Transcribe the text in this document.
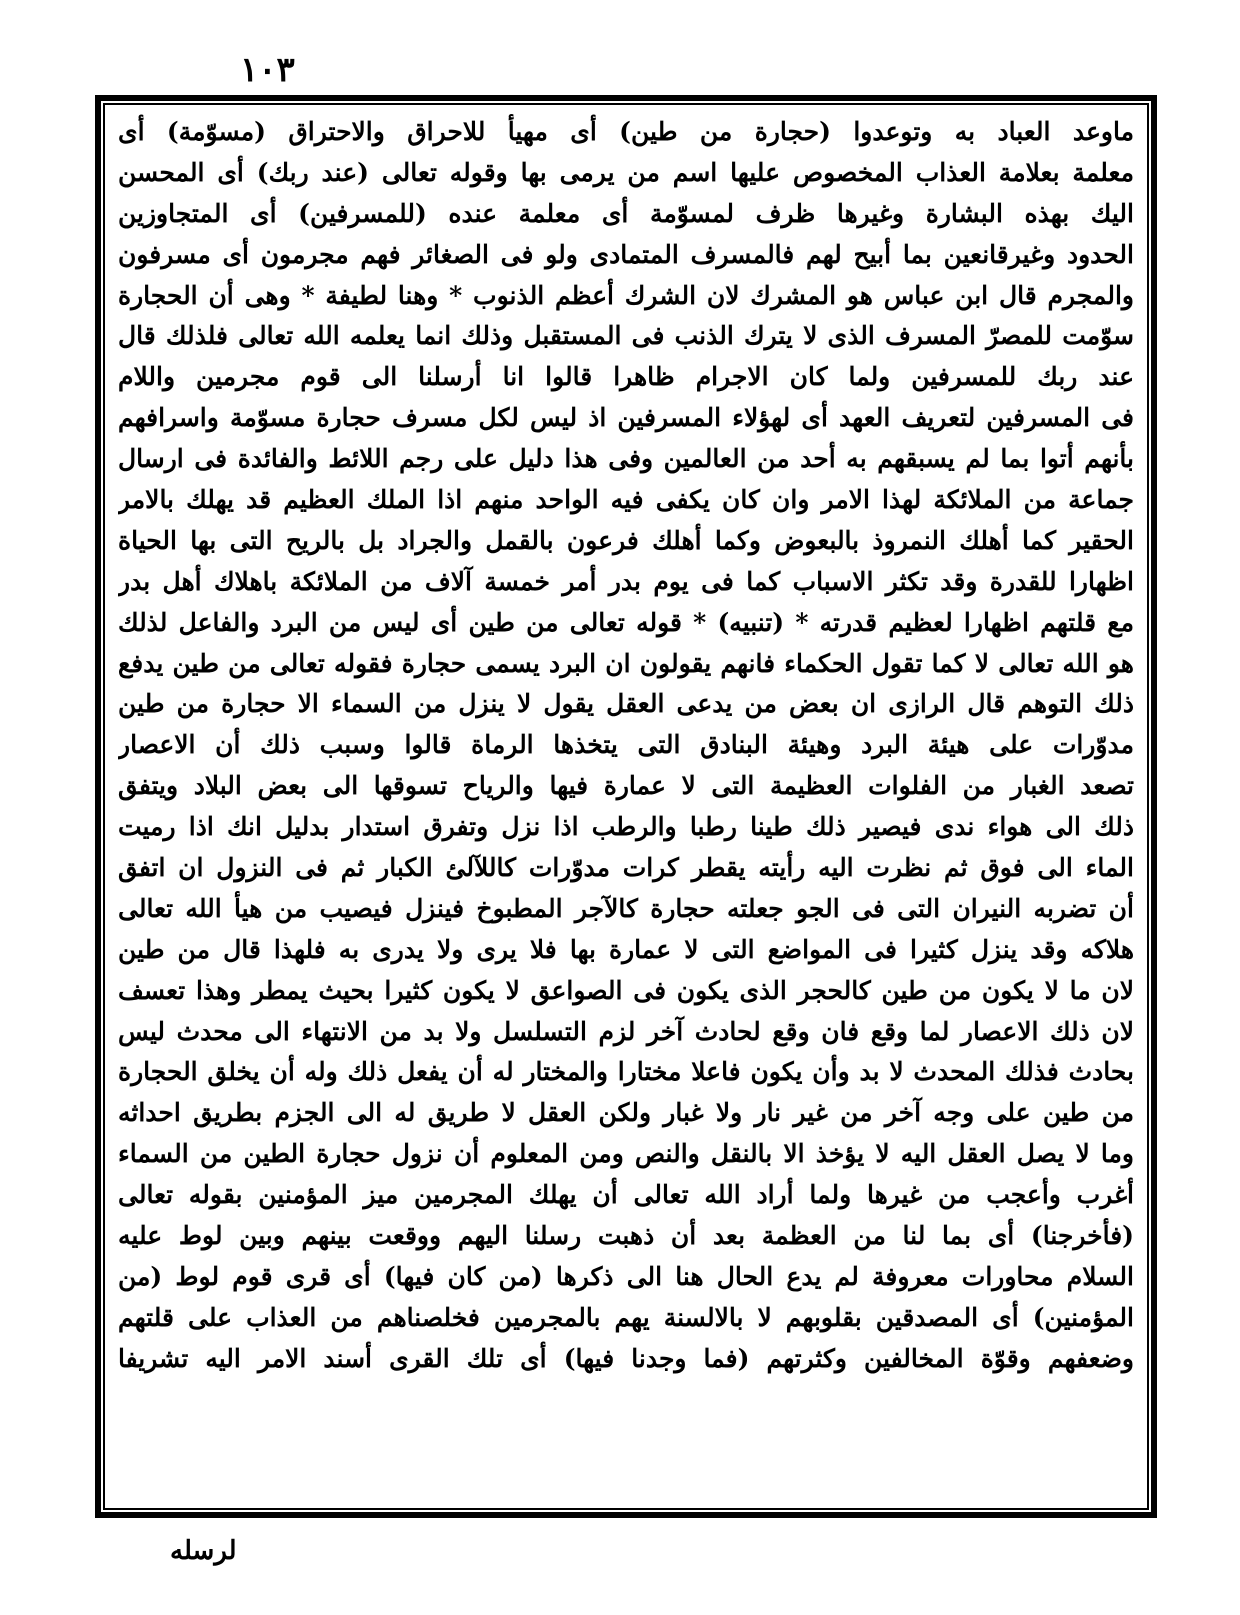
١٠٣
ماوعد العباد به وتوعدوا (حجارة من طين) أى مهيأ للاحراق والاحتراق (مسوّمة) أى
معلمة بعلامة العذاب المخصوص عليها اسم من يرمى بها وقوله تعالى (عند ربك) أى المحسن
اليك بهذه البشارة وغيرها ظرف لمسوّمة أى معلمة عنده (للمسرفين) أى المتجاوزين
الحدود وغيرقانعين بما أبيح لهم فالمسرف المتمادى ولو فى الصغائر فهم مجرمون أى مسرفون
والمجرم قال ابن عباس هو المشرك لان الشرك أعظم الذنوب * وهنا لطيفة * وهى أن الحجارة
سوّمت للمصرّ المسرف الذى لا يترك الذنب فى المستقبل وذلك انما يعلمه الله تعالى فلذلك قال
عند ربك للمسرفين ولما كان الاجرام ظاهرا قالوا انا أرسلنا الى قوم مجرمين واللام
فى المسرفين لتعريف العهد أى لهؤلاء المسرفين اذ ليس لكل مسرف حجارة مسوّمة واسرافهم
بأنهم أتوا بما لم يسبقهم به أحد من العالمين وفى هذا دليل على رجم اللائط والفائدة فى ارسال
جماعة من الملائكة لهذا الامر وان كان يكفى فيه الواحد منهم اذا الملك العظيم قد يهلك بالامر
الحقير كما أهلك النمروذ بالبعوض وكما أهلك فرعون بالقمل والجراد بل بالريح التى بها الحياة
اظهارا للقدرة وقد تكثر الاسباب كما فى يوم بدر أمر خمسة آلاف من الملائكة باهلاك أهل بدر
مع قلتهم اظهارا لعظيم قدرته * (تنبيه) * قوله تعالى من طين أى ليس من البرد والفاعل لذلك
هو الله تعالى لا كما تقول الحكماء فانهم يقولون ان البرد يسمى حجارة فقوله تعالى من طين يدفع
ذلك التوهم قال الرازى ان بعض من يدعى العقل يقول لا ينزل من السماء الا حجارة من طين
مدوّرات على هيئة البرد وهيئة البنادق التى يتخذها الرماة قالوا وسبب ذلك أن الاعصار
تصعد الغبار من الفلوات العظيمة التى لا عمارة فيها والرياح تسوقها الى بعض البلاد ويتفق
ذلك الى هواء ندى فيصير ذلك طينا رطبا والرطب اذا نزل وتفرق استدار بدليل انك اذا رميت
الماء الى فوق ثم نظرت اليه رأيته يقطر كرات مدوّرات كاللآلئ الكبار ثم فى النزول ان اتفق
أن تضربه النيران التى فى الجو جعلته حجارة كالآجر المطبوخ فينزل فيصيب من هيأ الله تعالى
هلاكه وقد ينزل كثيرا فى المواضع التى لا عمارة بها فلا يرى ولا يدرى به فلهذا قال من طين
لان ما لا يكون من طين كالحجر الذى يكون فى الصواعق لا يكون كثيرا بحيث يمطر وهذا تعسف
لان ذلك الاعصار لما وقع فان وقع لحادث آخر لزم التسلسل ولا بد من الانتهاء الى محدث ليس
بحادث فذلك المحدث لا بد وأن يكون فاعلا مختارا والمختار له أن يفعل ذلك وله أن يخلق الحجارة
من طين على وجه آخر من غير نار ولا غبار ولكن العقل لا طريق له الى الجزم بطريق احداثه
وما لا يصل العقل اليه لا يؤخذ الا بالنقل والنص ومن المعلوم أن نزول حجارة الطين من السماء
أغرب وأعجب من غيرها ولما أراد الله تعالى أن يهلك المجرمين ميز المؤمنين بقوله تعالى
(فأخرجنا) أى بما لنا من العظمة بعد أن ذهبت رسلنا اليهم ووقعت بينهم وبين لوط عليه
السلام محاورات معروفة لم يدع الحال هنا الى ذكرها (من كان فيها) أى قرى قوم لوط (من
المؤمنين) أى المصدقين بقلوبهم لا بالالسنة يهم بالمجرمين فخلصناهم من العذاب على قلتهم
وضعفهم وقوّة المخالفين وكثرتهم (فما وجدنا فيها) أى تلك القرى أسند الامر اليه تشريفا
لرسله
